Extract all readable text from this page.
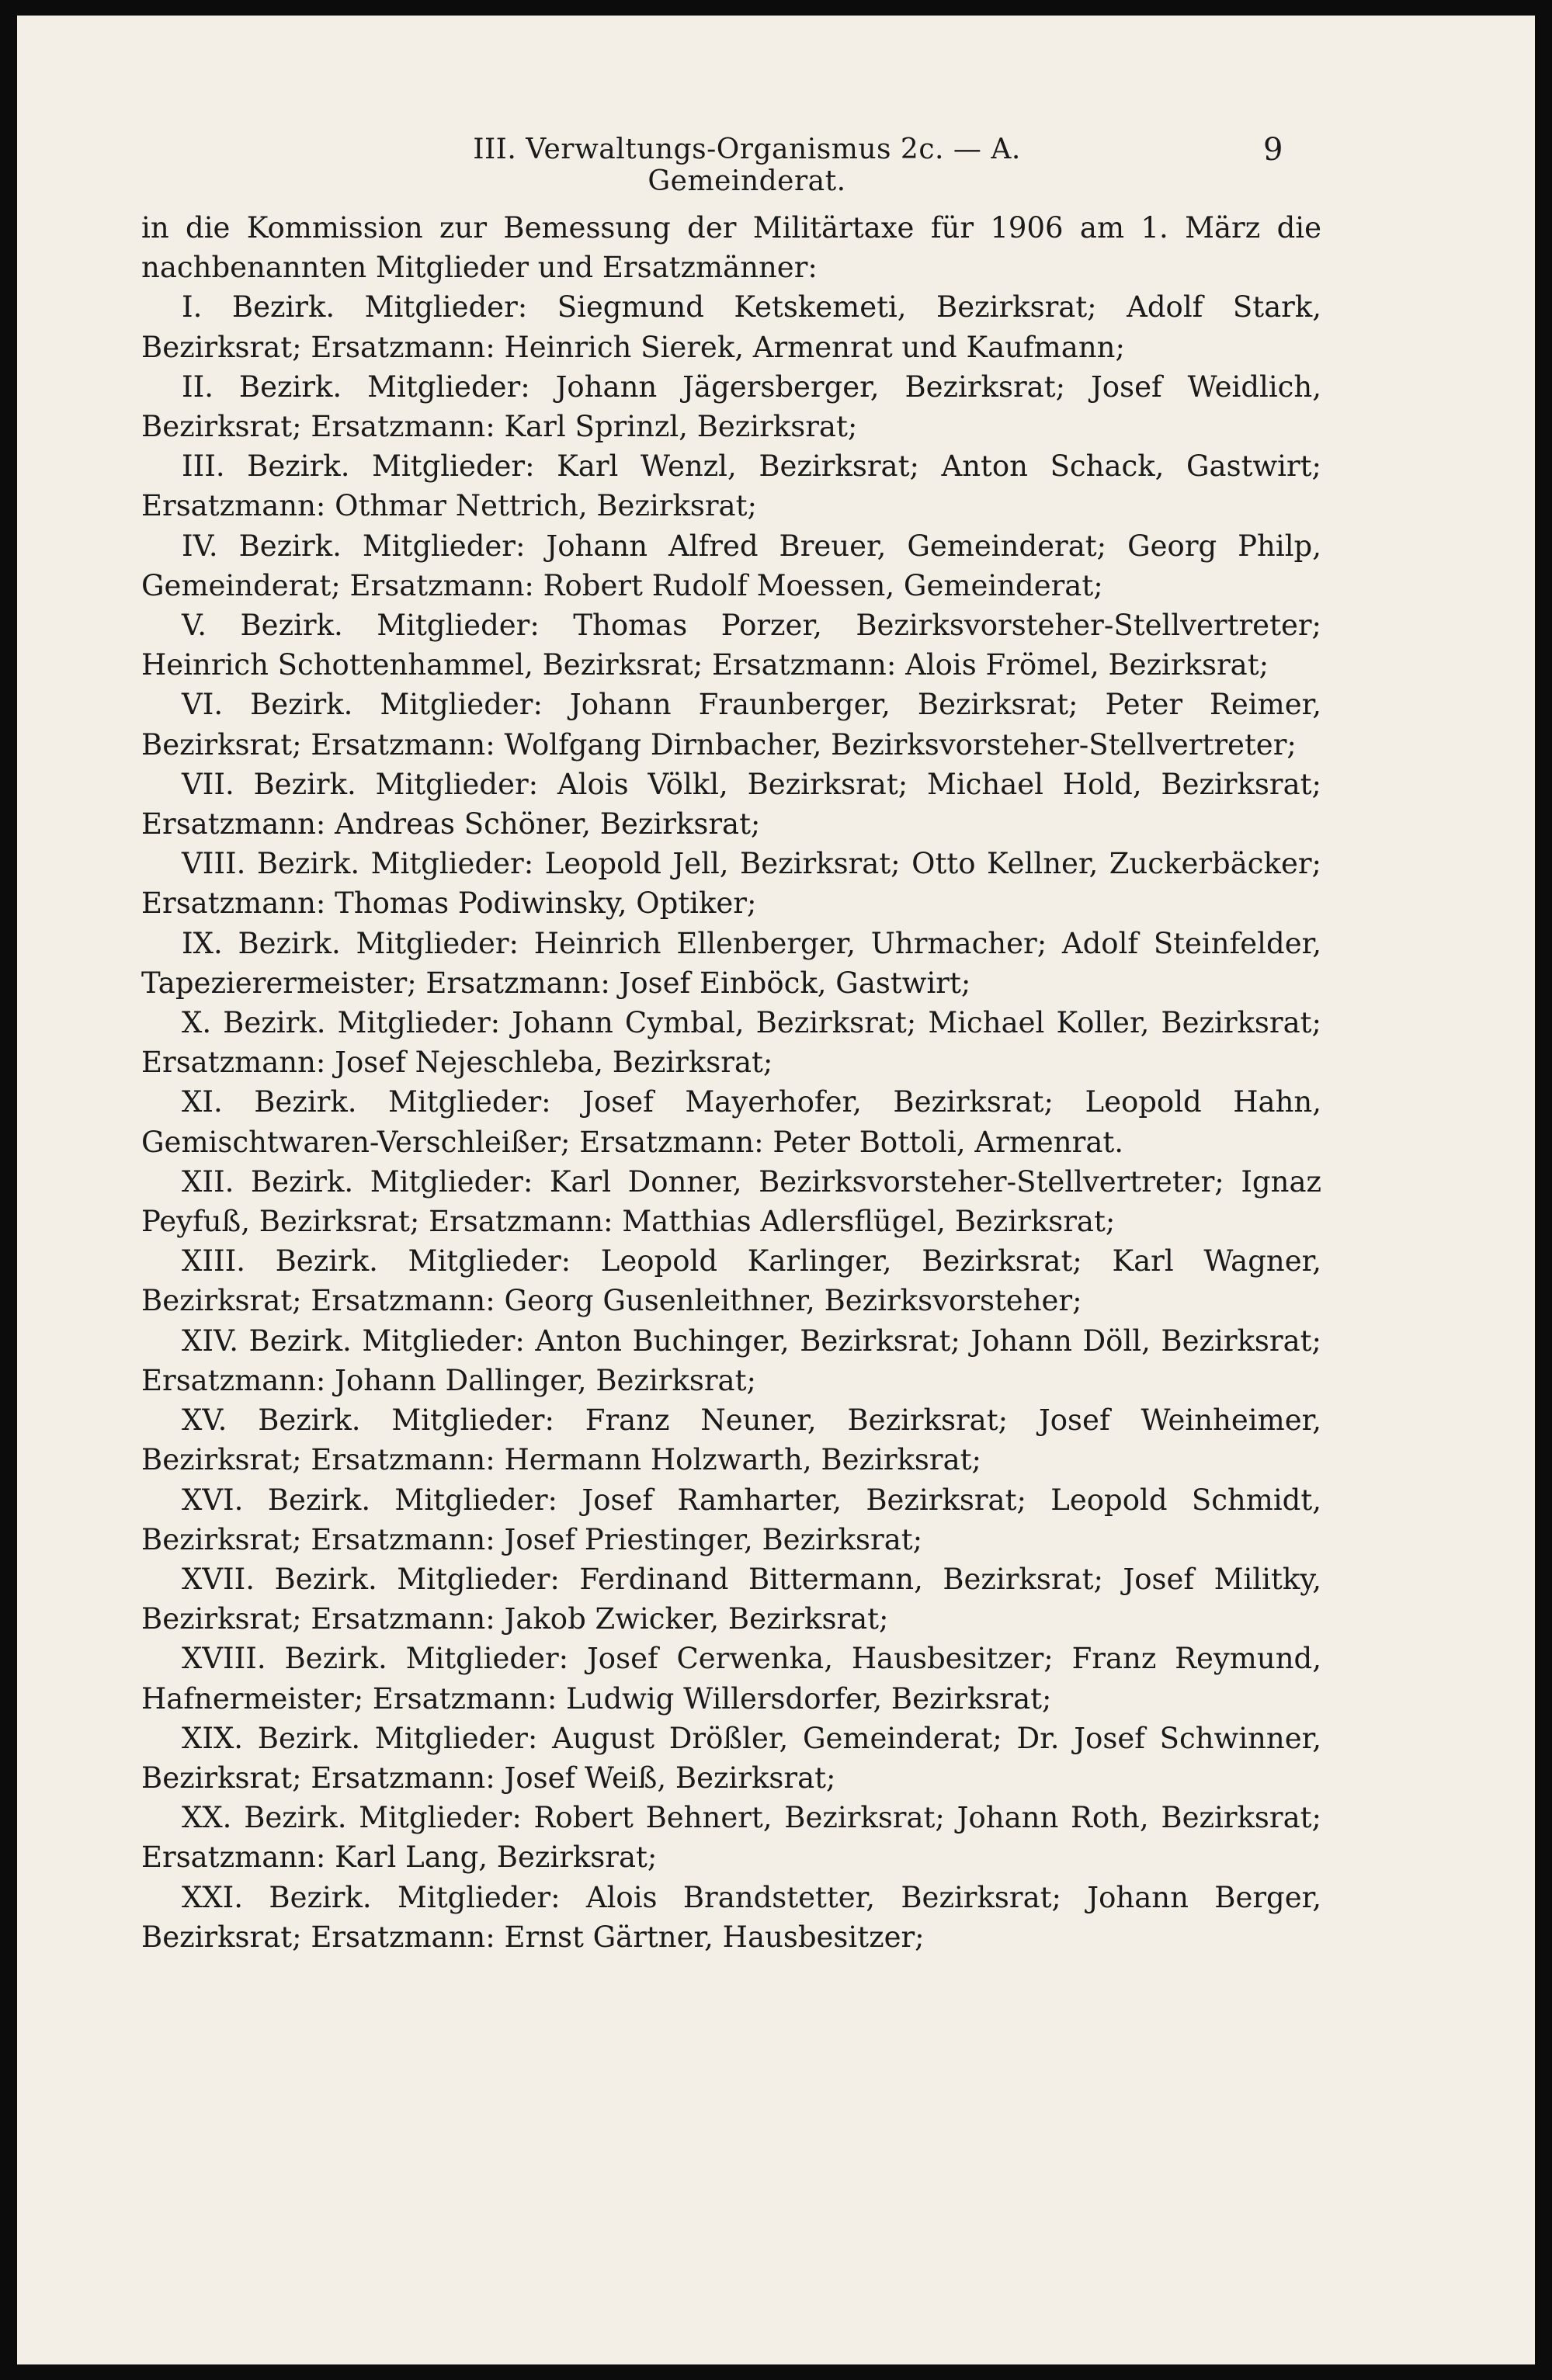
III. Verwaltungs-Organismus 2c. — A. Gemeinderat.
9

in die Kommission zur Bemessung der Militärtaxe für 1906 am 1. März die nachbenannten Mitglieder und Ersatzmänner:

I. Bezirk. Mitglieder: Siegmund Ketskemeti, Bezirksrat; Adolf Stark, Bezirksrat; Ersatzmann: Heinrich Sierek, Armenrat und Kaufmann;

II. Bezirk. Mitglieder: Johann Jägersberger, Bezirksrat; Josef Weidlich, Bezirksrat; Ersatzmann: Karl Sprinzl, Bezirksrat;

III. Bezirk. Mitglieder: Karl Wenzl, Bezirksrat; Anton Schack, Gastwirt; Ersatzmann: Othmar Nettrich, Bezirksrat;

IV. Bezirk. Mitglieder: Johann Alfred Breuer, Gemeinderat; Georg Philp, Gemeinderat; Ersatzmann: Robert Rudolf Moessen, Gemeinderat;

V. Bezirk. Mitglieder: Thomas Porzer, Bezirksvorsteher-Stellvertreter; Heinrich Schottenhammel, Bezirksrat; Ersatzmann: Alois Frömel, Bezirksrat;

VI. Bezirk. Mitglieder: Johann Fraunberger, Bezirksrat; Peter Reimer, Bezirksrat; Ersatzmann: Wolfgang Dirnbacher, Bezirksvorsteher-Stellvertreter;

VII. Bezirk. Mitglieder: Alois Völkl, Bezirksrat; Michael Hold, Bezirksrat; Ersatzmann: Andreas Schöner, Bezirksrat;

VIII. Bezirk. Mitglieder: Leopold Jell, Bezirksrat; Otto Kellner, Zuckerbäcker; Ersatzmann: Thomas Podiwinsky, Optiker;

IX. Bezirk. Mitglieder: Heinrich Ellenberger, Uhrmacher; Adolf Steinfelder, Tapezierermeister; Ersatzmann: Josef Einböck, Gastwirt;

X. Bezirk. Mitglieder: Johann Cymbal, Bezirksrat; Michael Koller, Bezirksrat; Ersatzmann: Josef Nejeschleba, Bezirksrat;

XI. Bezirk. Mitglieder: Josef Mayerhofer, Bezirksrat; Leopold Hahn, Gemischtwaren-Verschleißer; Ersatzmann: Peter Bottoli, Armenrat.

XII. Bezirk. Mitglieder: Karl Donner, Bezirksvorsteher-Stellvertreter; Ignaz Peyfuß, Bezirksrat; Ersatzmann: Matthias Adlersflügel, Bezirksrat;

XIII. Bezirk. Mitglieder: Leopold Karlinger, Bezirksrat; Karl Wagner, Bezirksrat; Ersatzmann: Georg Gusenleithner, Bezirksvorsteher;

XIV. Bezirk. Mitglieder: Anton Buchinger, Bezirksrat; Johann Döll, Bezirksrat; Ersatzmann: Johann Dallinger, Bezirksrat;

XV. Bezirk. Mitglieder: Franz Neuner, Bezirksrat; Josef Weinheimer, Bezirksrat; Ersatzmann: Hermann Holzwarth, Bezirksrat;

XVI. Bezirk. Mitglieder: Josef Ramharter, Bezirksrat; Leopold Schmidt, Bezirksrat; Ersatzmann: Josef Priestinger, Bezirksrat;

XVII. Bezirk. Mitglieder: Ferdinand Bittermann, Bezirksrat; Josef Militky, Bezirksrat; Ersatzmann: Jakob Zwicker, Bezirksrat;

XVIII. Bezirk. Mitglieder: Josef Cerwenka, Hausbesitzer; Franz Reymund, Hafnermeister; Ersatzmann: Ludwig Willersdorfer, Bezirksrat;

XIX. Bezirk. Mitglieder: August Drößler, Gemeinderat; Dr. Josef Schwinner, Bezirksrat; Ersatzmann: Josef Weiß, Bezirksrat;

XX. Bezirk. Mitglieder: Robert Behnert, Bezirksrat; Johann Roth, Bezirksrat; Ersatzmann: Karl Lang, Bezirksrat;

XXI. Bezirk. Mitglieder: Alois Brandstetter, Bezirksrat; Johann Berger, Bezirksrat; Ersatzmann: Ernst Gärtner, Hausbesitzer;
